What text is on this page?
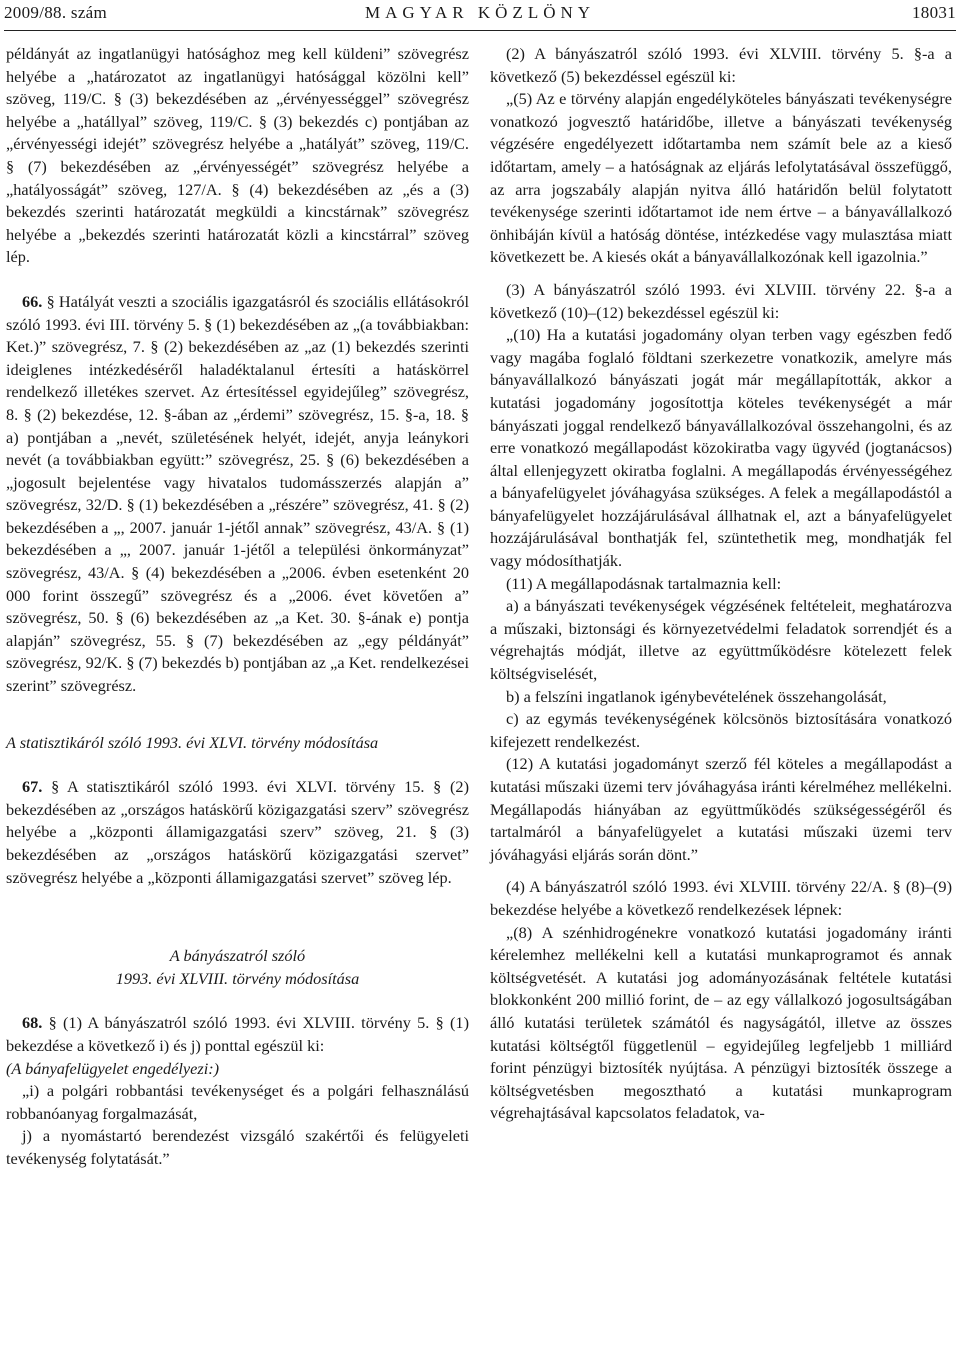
2009/88. szám	MAGYAR KÖZLÖNY	18031

példányát az ingatlanügyi hatósághoz meg kell küldeni” szövegrész helyébe a „határozatot az ingatlanügyi hatósággal közölni kell” szöveg, 119/C. § (3) bekezdésében az „érvényességgel” szövegrész helyébe a „hatállyal” szöveg, 119/C. § (3) bekezdés c) pontjában az „érvényességi idejét” szövegrész helyébe a „hatályát” szöveg, 119/C. § (7) bekezdésében az „érvényességét” szövegrész helyébe a „hatályosságát” szöveg, 127/A. § (4) bekezdésében az „és a (3) bekezdés szerinti határozatát megküldi a kincstárnak” szövegrész helyébe a „bekezdés szerinti határozatát közli a kincstárral” szöveg lép.

66. § Hatályát veszti a szociális igazgatásról és szociális ellátásokról szóló 1993. évi III. törvény 5. § (1) bekezdésében az „(a továbbiakban: Ket.)” szövegrész, 7. § (2) bekezdésében az „az (1) bekezdés szerinti ideiglenes intézkedéséről haladéktalanul értesíti a hatáskörrel rendelkező illetékes szervet. Az értesítéssel egyidejűleg” szövegrész, 8. § (2) bekezdése, 12. §-ában az „érdemi” szövegrész, 15. §-a, 18. § a) pontjában a „nevét, születésének helyét, idejét, anyja leánykori nevét (a továbbiakban együtt:” szövegrész, 25. § (6) bekezdésében a „jogosult bejelentése vagy hivatalos tudomásszerzés alapján a” szövegrész, 32/D. § (1) bekezdésében a „részére” szövegrész, 41. § (2) bekezdésében a „, 2007. január 1-jétől annak” szövegrész, 43/A. § (1) bekezdésében a „, 2007. január 1-jétől a települési önkormányzat” szövegrész, 43/A. § (4) bekezdésében a „2006. évben esetenként 20 000 forint összegű” szövegrész és a „2006. évet követően a” szövegrész, 50. § (6) bekezdésében az „a Ket. 30. §-ának e) pontja alapján” szövegrész, 55. § (7) bekezdésében az „egy példányát” szövegrész, 92/K. § (7) bekezdés b) pontjában az „a Ket. rendelkezései szerint” szövegrész.

A statisztikáról szóló 1993. évi XLVI. törvény módosítása

67. § A statisztikáról szóló 1993. évi XLVI. törvény 15. § (2) bekezdésében az „országos hatáskörű közigazgatási szerv” szövegrész helyébe a „központi államigazgatási szerv” szöveg, 21. § (3) bekezdésében az „országos hatáskörű közigazgatási szervet” szövegrész helyébe a „központi államigazgatási szervet” szöveg lép.

A bányászatról szóló

1993. évi XLVIII. törvény módosítása

68. § (1) A bányászatról szóló 1993. évi XLVIII. törvény 5. § (1) bekezdése a következő i) és j) ponttal egészül ki:

(A bányafelügyelet engedélyezi:)

„i) a polgári robbantási tevékenységet és a polgári felhasználású robbanóanyag forgalmazását,

j) a nyomástartó berendezést vizsgáló szakértői és felügyeleti tevékenység folytatását.”

(2) A bányászatról szóló 1993. évi XLVIII. törvény 5. §-a a következő (5) bekezdéssel egészül ki:

„(5) Az e törvény alapján engedélyköteles bányászati tevékenységre vonatkozó jogvesztő határidőbe, illetve a bányászati tevékenység végzésére engedélyezett időtartamba nem számít bele az a kieső időtartam, amely – a hatóságnak az eljárás lefolytatásával összefüggő, az arra jogszabály alapján nyitva álló határidőn belül folytatott tevékenysége szerinti időtartamot ide nem értve – a bányavállalkozó önhibáján kívül a hatóság döntése, intézkedése vagy mulasztása miatt következett be. A kiesés okát a bányavállalkozónak kell igazolnia.”

(3) A bányászatról szóló 1993. évi XLVIII. törvény 22. §-a a következő (10)–(12) bekezdéssel egészül ki:

„(10) Ha a kutatási jogadomány olyan terben vagy egészben fedő vagy magába foglaló földtani szerkezetre vonatkozik, amelyre más bányavállalkozó bányászati jogát már megállapították, akkor a kutatási jogadomány jogosítottja köteles tevékenységét a már bányászati joggal rendelkező bányavállalkozóval összehangolni, és az erre vonatkozó megállapodást közokiratba vagy ügyvéd (jogtanácsos) által ellenjegyzett okiratba foglalni. A megállapodás érvényességéhez a bányafelügyelet jóváhagyása szükséges. A felek a megállapodástól a bányafelügyelet hozzájárulásával állhatnak el, azt a bányafelügyelet hozzájárulásával bonthatják fel, szüntethetik meg, mondhatják fel vagy módosíthatják.

(11) A megállapodásnak tartalmaznia kell:

a) a bányászati tevékenységek végzésének feltételeit, meghatározva a műszaki, biztonsági és környezetvédelmi feladatok sorrendjét és a végrehajtás módját, illetve az együttműködésre kötelezett felek költségviselését,

b) a felszíni ingatlanok igénybevételének összehangolását,

c) az egymás tevékenységének kölcsönös biztosítására vonatkozó kifejezett rendelkezést.

(12) A kutatási jogadományt szerző fél köteles a megállapodást a kutatási műszaki üzemi terv jóváhagyása iránti kérelméhez mellékelni. Megállapodás hiányában az együttműködés szükségességéről és tartalmáról a bányafelügyelet a kutatási műszaki üzemi terv jóváhagyási eljárás során dönt.”

(4) A bányászatról szóló 1993. évi XLVIII. törvény 22/A. § (8)–(9) bekezdése helyébe a következő rendelkezések lépnek:

„(8) A szénhidrogénekre vonatkozó kutatási jogadomány iránti kérelemhez mellékelni kell a kutatási munkaprogramot és annak költségvetését. A kutatási jog adományozásának feltétele kutatási blokkonként 200 millió forint, de – az egy vállalkozó jogosultságában álló kutatási területek számától és nagyságától, illetve az összes kutatási költségtől függetlenül – egyidejűleg legfeljebb 1 milliárd forint pénzügyi biztosíték nyújtása. A pénzügyi biztosíték összege a költségvetésben megosztható a kutatási munkaprogram végrehajtásával kapcsolatos feladatok, va-
